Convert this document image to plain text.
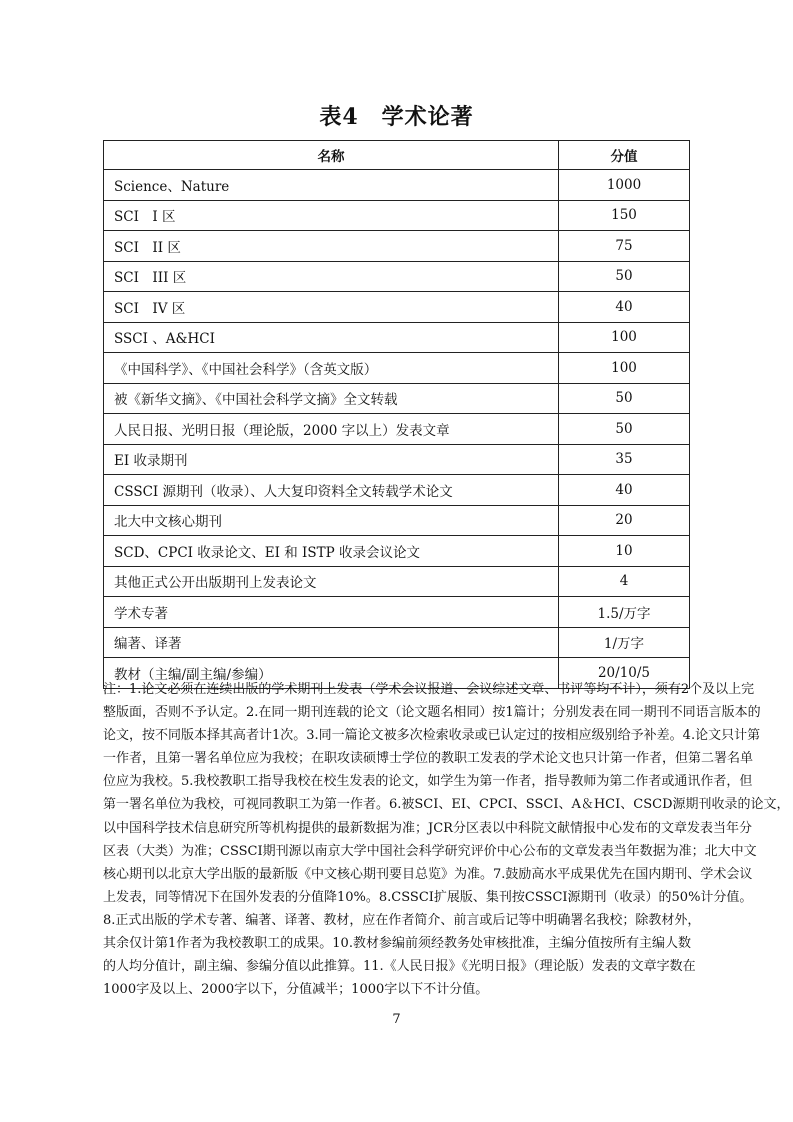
表4　学术论著
名称	分值
Science、Nature	1000
SCI　I 区	150
SCI　II 区	75
SCI　III 区	50
SCI　IV 区	40
SSCI 、A&HCI	100
《中国科学》、《中国社会科学》（含英文版）	100
被《新华文摘》、《中国社会科学文摘》全文转载	50
人民日报、光明日报（理论版，2000 字以上）发表文章	50
EI 收录期刊	35
CSSCI 源期刊（收录）、人大复印资料全文转载学术论文	40
北大中文核心期刊	20
SCD、CPCI 收录论文、EI 和 ISTP 收录会议论文	10
其他正式公开出版期刊上发表论文	4
学术专著	1.5/万字
编著、译著	1/万字
教材（主编/副主编/参编）	20/10/5
注：1.论文必须在连续出版的学术期刊上发表（学术会议报道、会议综述文章、书评等均不计），须有2个及以上完
整版面，否则不予认定。2.在同一期刊连载的论文（论文题名相同）按1篇计；分别发表在同一期刊不同语言版本的
论文，按不同版本择其高者计1次。3.同一篇论文被多次检索收录或已认定过的按相应级别给予补差。4.论文只计第
一作者，且第一署名单位应为我校；在职攻读硕博士学位的教职工发表的学术论文也只计第一作者，但第二署名单
位应为我校。5.我校教职工指导我校在校生发表的论文，如学生为第一作者，指导教师为第二作者或通讯作者，但
第一署名单位为我校，可视同教职工为第一作者。6.被SCI、EI、CPCI、SSCI、A＆HCI、CSCD源期刊收录的论文，
以中国科学技术信息研究所等机构提供的最新数据为准；JCR分区表以中科院文献情报中心发布的文章发表当年分
区表（大类）为准；CSSCI期刊源以南京大学中国社会科学研究评价中心公布的文章发表当年数据为准；北大中文
核心期刊以北京大学出版的最新版《中文核心期刊要目总览》为准。7.鼓励高水平成果优先在国内期刊、学术会议
上发表，同等情况下在国外发表的分值降10%。8.CSSCI扩展版、集刊按CSSCI源期刊（收录）的50%计分值。
8.正式出版的学术专著、编著、译著、教材，应在作者简介、前言或后记等中明确署名我校；除教材外，
其余仅计第1作者为我校教职工的成果。10.教材参编前须经教务处审核批准，主编分值按所有主编人数
的人均分值计，副主编、参编分值以此推算。11.《人民日报》《光明日报》（理论版）发表的文章字数在
1000字及以上、2000字以下，分值减半；1000字以下不计分值。
7
